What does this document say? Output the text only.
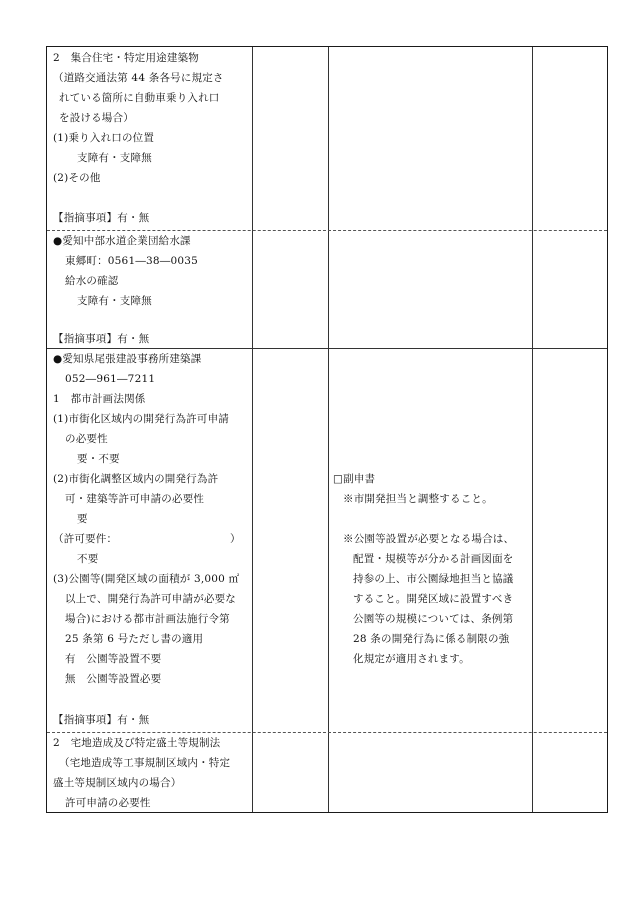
2　集合住宅・特定用途建築物
（道路交通法第 44 条各号に規定さ
れている箇所に自動車乗り入れ口
を設ける場合）
(1)乗り入れ口の位置
支障有・支障無
(2)その他
【指摘事項】有・無
●愛知中部水道企業団給水課
東郷町：0561―38―0035
給水の確認
支障有・支障無
【指摘事項】有・無
●愛知県尾張建設事務所建築課
052―961―7211
1　都市計画法関係
(1)市街化区域内の開発行為許可申請
の必要性
要・不要
(2)市街化調整区域内の開発行為許
可・建築等許可申請の必要性
要
（許可要件：	）
不要
(3)公園等(開発区域の面積が 3,000 ㎡
以上で、開発行為許可申請が必要な
場合)における都市計画法施行令第
25 条第 6 号ただし書の適用
有　公園等設置不要
無　公園等設置必要
【指摘事項】有・無
□副申書
※市開発担当と調整すること。
※公園等設置が必要となる場合は、
配置・規模等が分かる計画図面を
持参の上、市公園緑地担当と協議
すること。開発区域に設置すべき
公園等の規模については、条例第
28 条の開発行為に係る制限の強
化規定が適用されます。
2　宅地造成及び特定盛土等規制法
（宅地造成等工事規制区域内・特定
盛土等規制区域内の場合）
許可申請の必要性
